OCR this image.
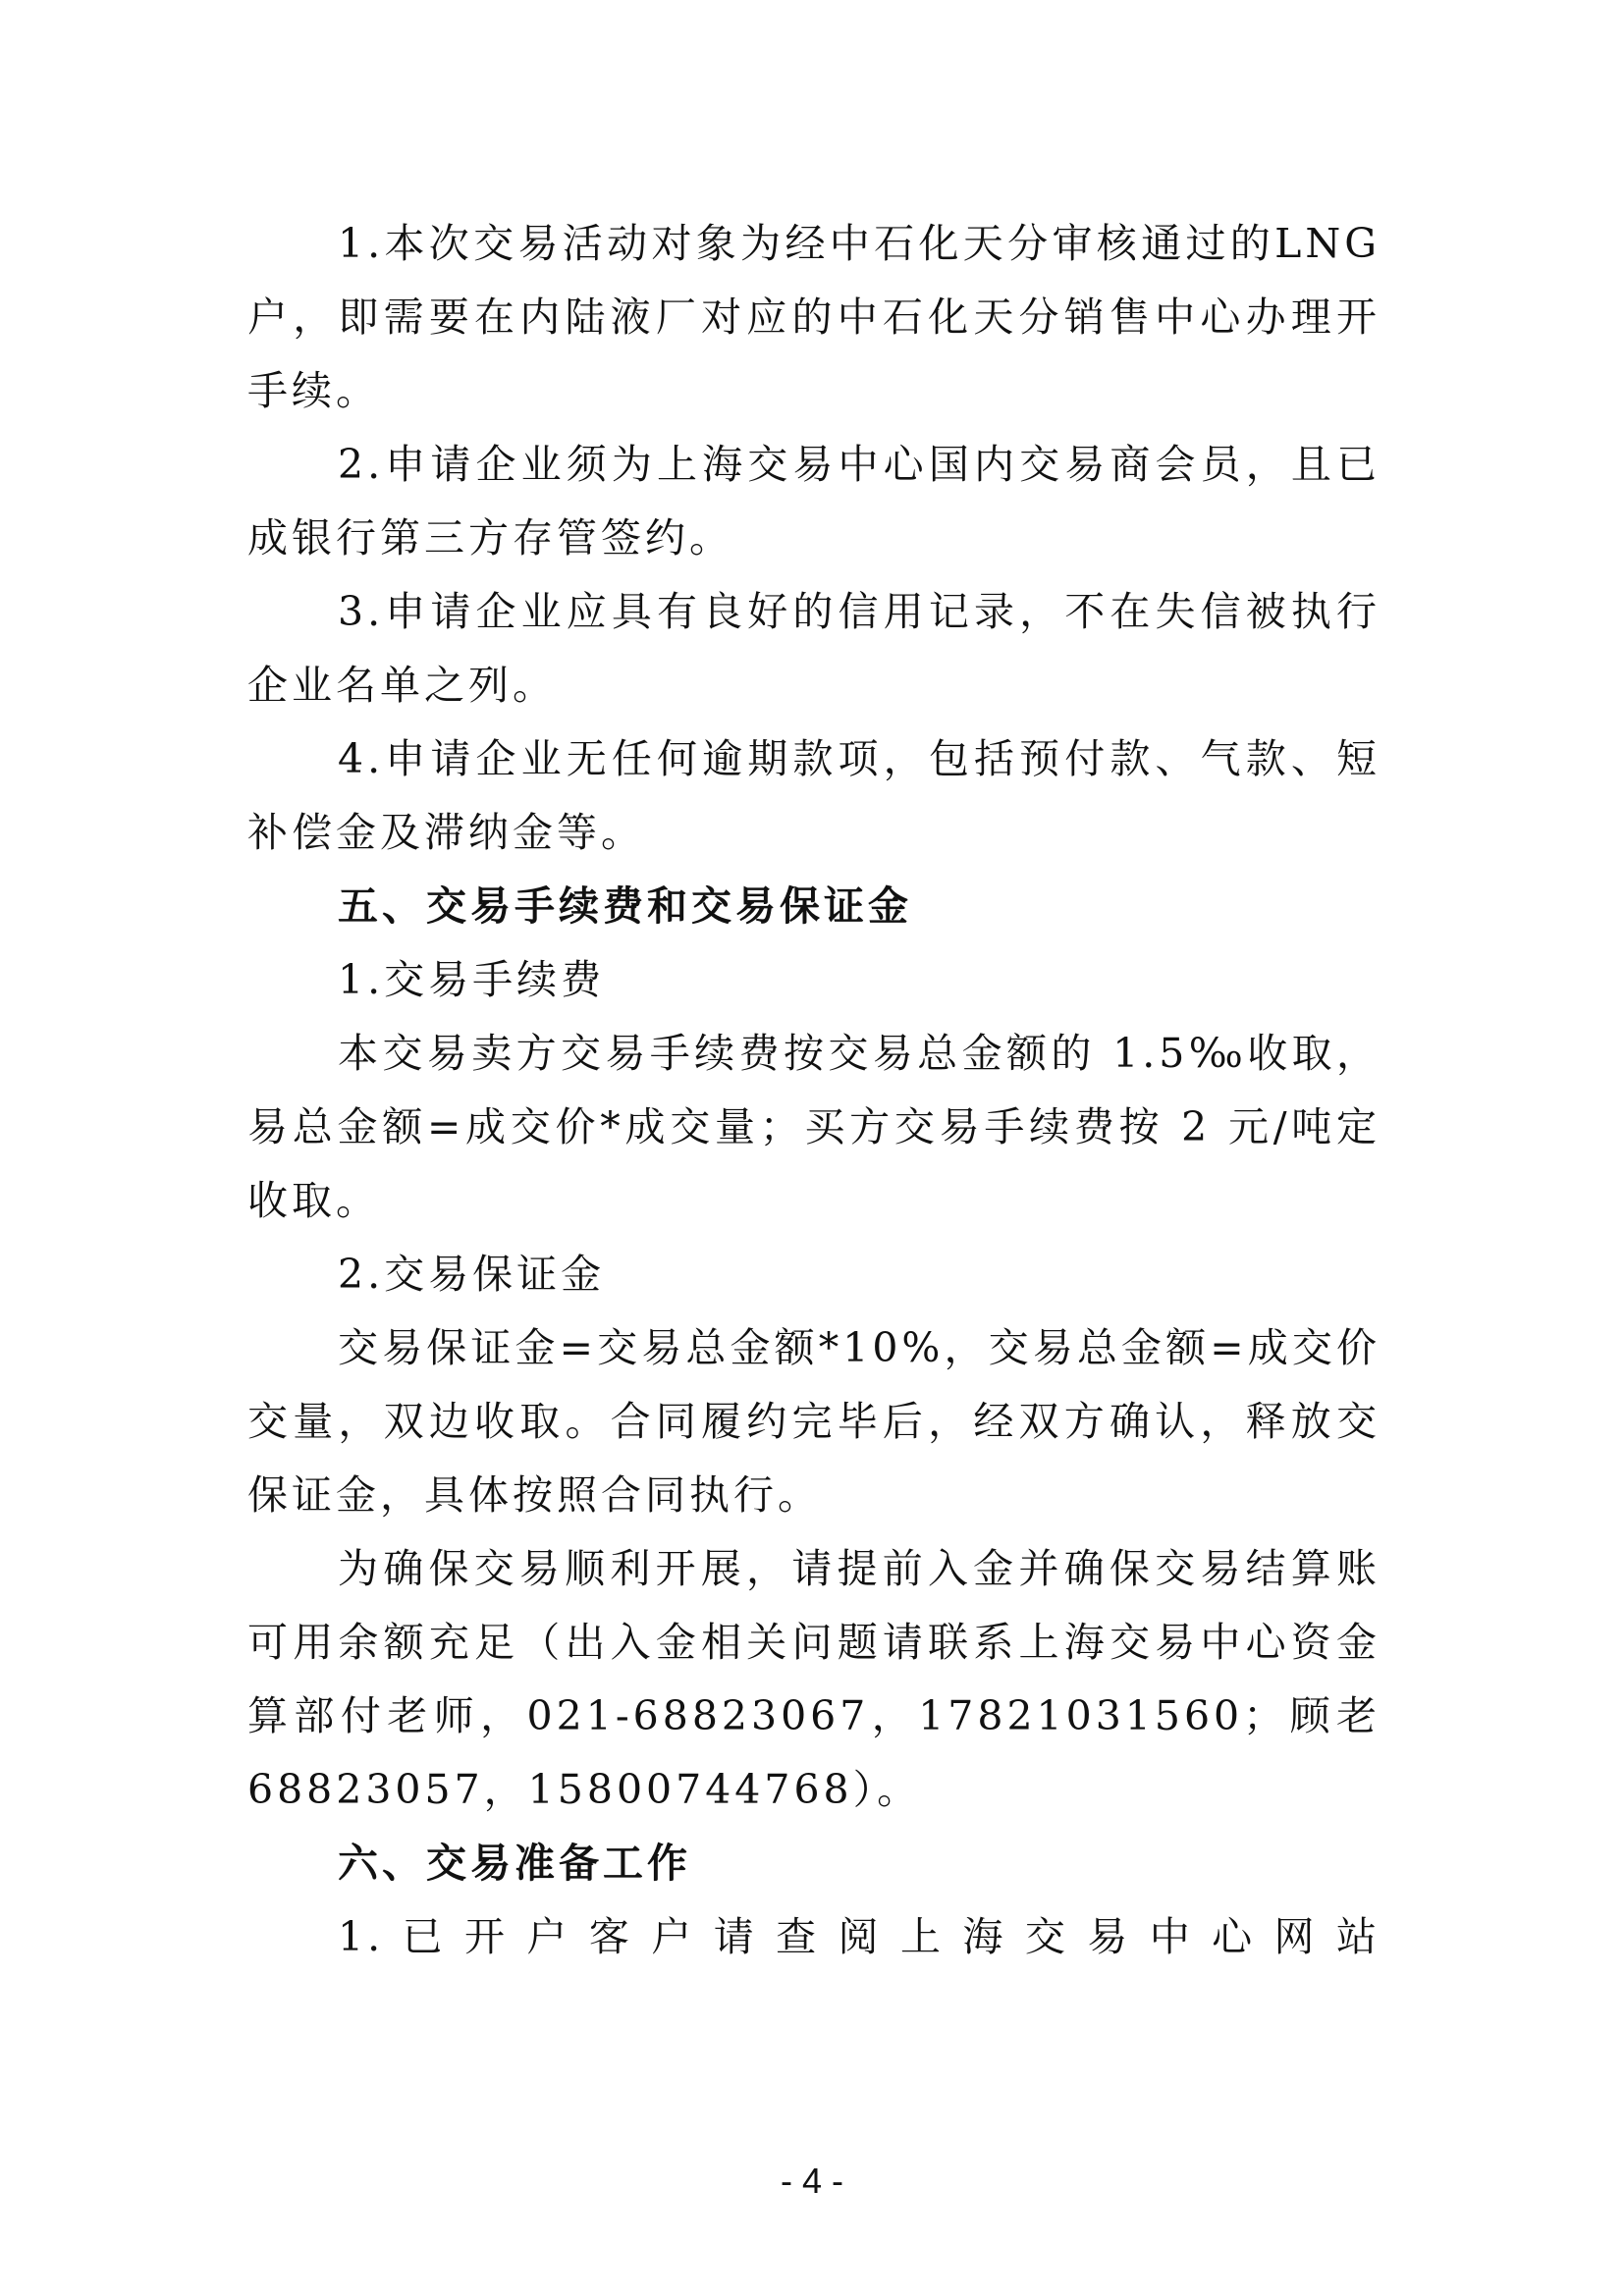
1.本次交易活动对象为经中石化天分审核通过的LNG
户，即需要在内陆液厂对应的中石化天分销售中心办理开
手续。
2.申请企业须为上海交易中心国内交易商会员，且已
成银行第三方存管签约。
3.申请企业应具有良好的信用记录，不在失信被执行
企业名单之列。
4.申请企业无任何逾期款项，包括预付款、气款、短
补偿金及滞纳金等。
五、交易手续费和交易保证金
1.交易手续费
本交易卖方交易手续费按交易总金额的 1.5‰收取，
易总金额=成交价*成交量；买方交易手续费按 2 元/吨定
收取。
2.交易保证金
交易保证金=交易总金额*10%，交易总金额=成交价
交量，双边收取。合同履约完毕后，经双方确认，释放交
保证金，具体按照合同执行。
为确保交易顺利开展，请提前入金并确保交易结算账
可用余额充足（出入金相关问题请联系上海交易中心资金
算部付老师，021-68823067，17821031560；顾老
68823057，15800744768）。
六、交易准备工作
1.已开户客户请查阅上海交易中心网站
- 4 -
